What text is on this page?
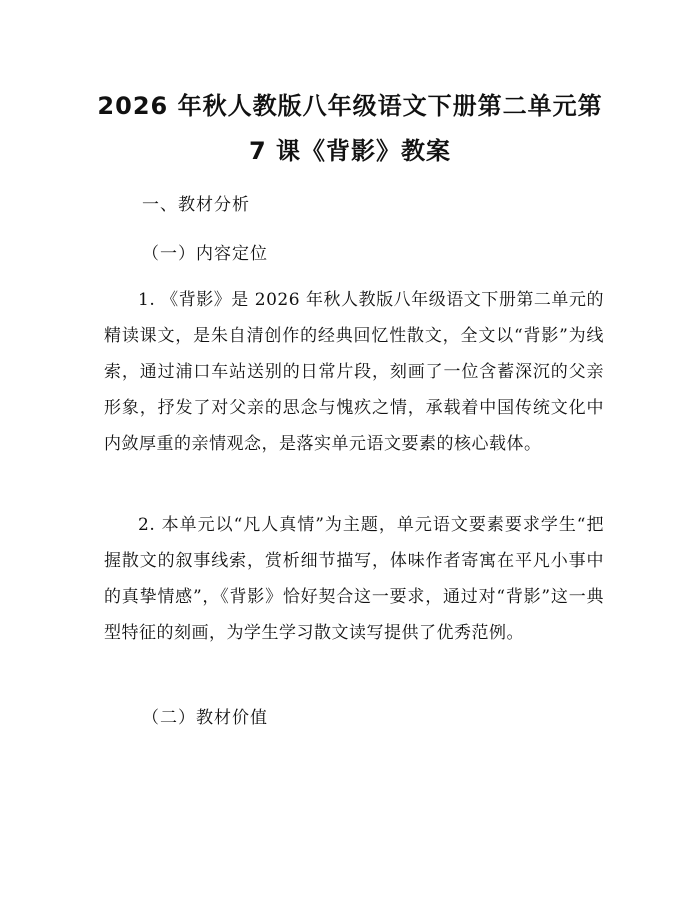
2026 年秋人教版八年级语文下册第二单元第
7 课《背影》教案
一、教材分析
（一）内容定位
1. 《背影》是 2026 年秋人教版八年级语文下册第二单元的精读课文，是朱自清创作的经典回忆性散文，全文以“背影”为线索，通过浦口车站送别的日常片段，刻画了一位含蓄深沉的父亲形象，抒发了对父亲的思念与愧疚之情，承载着中国传统文化中内敛厚重的亲情观念，是落实单元语文要素的核心载体。
2. 本单元以“凡人真情”为主题，单元语文要素要求学生“把握散文的叙事线索，赏析细节描写，体味作者寄寓在平凡小事中的真挚情感”，《背影》恰好契合这一要求，通过对“背影”这一典型特征的刻画，为学生学习散文读写提供了优秀范例。
（二）教材价值
